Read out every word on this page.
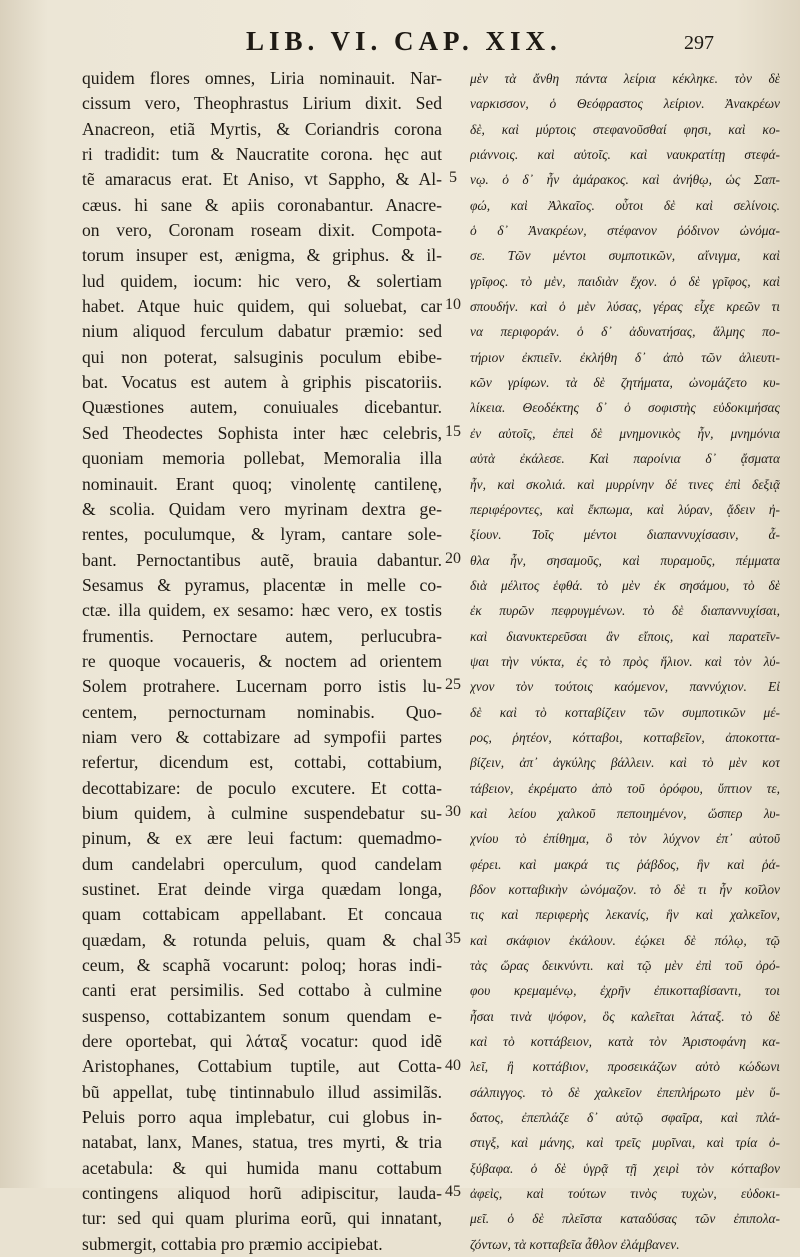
LIB. VI. CAP. XIX.	297
quidem flores omnes, Liria nominauit. Nar-
cissum vero, Theophrastus Lirium dixit. Sed
Anacreon, etiã Myrtis, & Coriandris corona
ri tradidit: tum & Naucratite corona. hęc aut
tẽ amaracus erat. Et Aniso, vt Sappho, & Al-
cæus. hi sane & apiis coronabantur. Anacre-
on vero, Coronam roseam dixit. Compota-
torum insuper est, ænigma, & griphus. & il-
lud quidem, iocum: hic vero, & solertiam
habet. Atque huic quidem, qui soluebat, car
nium aliquod ferculum dabatur præmio: sed
qui non poterat, salsuginis poculum ebibe-
bat. Vocatus est autem à griphis piscatoriis.
Quæstiones autem, conuiuales dicebantur.
Sed Theodectes Sophista inter hæc celebris,
quoniam memoria pollebat, Memoralia illa
nominauit. Erant quoq; vinolentę cantilenę,
& scolia. Quidam vero myrinam dextra ge-
rentes, poculumque, & lyram, cantare sole-
bant. Pernoctantibus autẽ, brauia dabantur.
Sesamus & pyramus, placentæ in melle co-
ctæ. illa quidem, ex sesamo: hæc vero, ex tostis
frumentis. Pernoctare autem, perlucubra-
re quoque vocaueris, & noctem ad orientem
Solem protrahere. Lucernam porro istis lu-
centem, pernocturnam nominabis. Quo-
niam vero & cottabizare ad sympofii partes
refertur, dicendum est, cottabi, cottabium,
decottabizare: de poculo excutere. Et cotta-
bium quidem, à culmine suspendebatur su-
pinum, & ex ære leui factum: quemadmo-
dum candelabri operculum, quod candelam
sustinet. Erat deinde virga quædam longa,
quam cottabicam appellabant. Et concaua
quædam, & rotunda peluis, quam & chal
ceum, & scaphã vocarunt: poloq; horas indi-
canti erat persimilis. Sed cottabo à culmine
suspenso, cottabizantem sonum quendam e-
dere oportebat, qui λάταξ vocatur: quod idẽ
Aristophanes, Cottabium tuptile, aut Cotta-
bũ appellat, tubę tintinnabulo illud assimilãs.
Peluis porro aqua implebatur, cui globus in-
natabat, lanx, Manes, statua, tres myrti, & tria
acetabula: & qui humida manu cottabum
contingens aliquod horũ adipiscitur, lauda-
tur: sed qui quam plurima eorũ, qui innatant,
submergit, cottabia pro præmio accipiebat.
μὲν τὰ ἄνθη πάντα λείρια κέκληκε. τὸν δὲ
ναρκισσον, ὁ Θεόφραστος λείριον. Ἀνακρέων
δὲ, καὶ μύρτοις στεφανοῦσθαί φησι, καὶ κο-
ριάννοις. καὶ αὐτοῖς. καὶ ναυκρατίτῃ στεφά-
νῳ. ὁ δ᾽ ἦν ἀμάρακος. καὶ ἀνήθῳ, ὡς Σαπ-
φώ, καὶ Ἀλκαῖος. οὗτοι δὲ καὶ σελίνοις.
ὁ δ᾽ Ἀνακρέων, στέφανον ῥόδινον ὠνόμα-
σε. Τῶν μέντοι συμποτικῶν, αἴνιγμα, καὶ
γρῖφος. τὸ μὲν, παιδιὰν ἔχον. ὁ δὲ γρῖφος, καὶ
σπουδήν. καὶ ὁ μὲν λύσας, γέρας εἶχε κρεῶν τι
να περιφοράν. ὁ δ᾽ ἀδυνατήσας, ἅλμης πο-
τήριον ἐκπιεῖν. ἐκλήθη δ᾽ ἀπὸ τῶν ἁλιευτι-
κῶν γρίφων. τὰ δὲ ζητήματα, ὠνομάζετο κυ-
λίκεια. Θεοδέκτης δ᾽ ὁ σοφιστὴς εὐδοκιμήσας
ἐν αὐτοῖς, ἐπεὶ δὲ μνημονικὸς ἦν, μνημόνια
αὐτὰ ἐκάλεσε. Καὶ παροίνια δ᾽ ᾄσματα
ἦν, καὶ σκολιά. καὶ μυρρίνην δέ τινες ἐπὶ δεξιᾷ
περιφέροντες, καὶ ἔκπωμα, καὶ λύραν, ᾄδειν ἠ-
ξίουν. Τοῖς μέντοι διαπαννυχίσασιν, ἆ-
θλα ἦν, σησαμοῦς, καὶ πυραμοῦς, πέμματα
διὰ μέλιτος ἑφθά. τὸ μὲν ἐκ σησάμου, τὸ δὲ
ἐκ πυρῶν πεφρυγμένων. τὸ δὲ διαπαννυχίσαι,
καὶ διανυκτερεῦσαι ἂν εἴποις, καὶ παρατεῖν-
ψαι τὴν νύκτα, ἐς τὸ πρὸς ἥλιον. καὶ τὸν λύ-
χνον τὸν τούτοις καόμενον, παννύχιον. Εἰ
δὲ καὶ τὸ κοτταβίζειν τῶν συμποτικῶν μέ-
ρος, ῥητέον, κότταβοι, κοτταβεῖον, ἀποκοττα-
βίζειν, ἀπ᾽ ἀγκύλης βάλλειν. καὶ τὸ μὲν κοτ
τάβειον, ἐκρέματο ἀπὸ τοῦ ὀρόφου, ὕπτιον τε,
καὶ λείου χαλκοῦ πεποιημένον, ὥσπερ λυ-
χνίου τὸ ἐπίθημα, ὃ τὸν λύχνον ἐπ᾽ αὐτοῦ
φέρει. καὶ μακρά τις ῥάβδος, ἣν καὶ ῥά-
βδον κοτταβικὴν ὠνόμαζον. τὸ δὲ τι ἦν κοῖλον
τις καὶ περιφερὴς λεκανίς, ἣν καὶ χαλκεῖον,
καὶ σκάφιον ἐκάλουν. ἐῴκει δὲ πόλῳ, τῷ
τὰς ὥρας δεικνύντι. καὶ τῷ μὲν ἐπὶ τοῦ ὀρό-
φου κρεμαμένῳ, ἐχρῆν ἐπικοτταβίσαντι, τοι
ἦσαι τινὰ ψόφον, ὃς καλεῖται λάταξ. τὸ δὲ
καὶ τὸ κοττάβειον, κατὰ τὸν Ἀριστοφάνη κα-
λεῖ, ἢ κοττάβιον, προσεικάζων αὐτὸ κώδωνι
σάλπιγγος. τὸ δὲ χαλκεῖον ἐπεπλήρωτο μὲν ὕ-
δατος, ἐπεπλάζε δ᾽ αὐτῷ σφαῖρα, καὶ πλά-
στιγξ, καὶ μάνης, καὶ τρεῖς μυρῖναι, καὶ τρία ὀ-
ξύβαφα. ὁ δὲ ὑγρᾷ τῇ χειρὶ τὸν κότταβον
ἀφεὶς, καὶ τούτων τινὸς τυχὼν, εὐδοκι-
μεῖ. ὁ δὲ πλεῖστα καταδύσας τῶν ἐπιπολα-
ζόντων, τὰ κοτταβεῖα ἆθλον ἐλάμβανεν.
5
10
15
20
25
30
35
40
45
